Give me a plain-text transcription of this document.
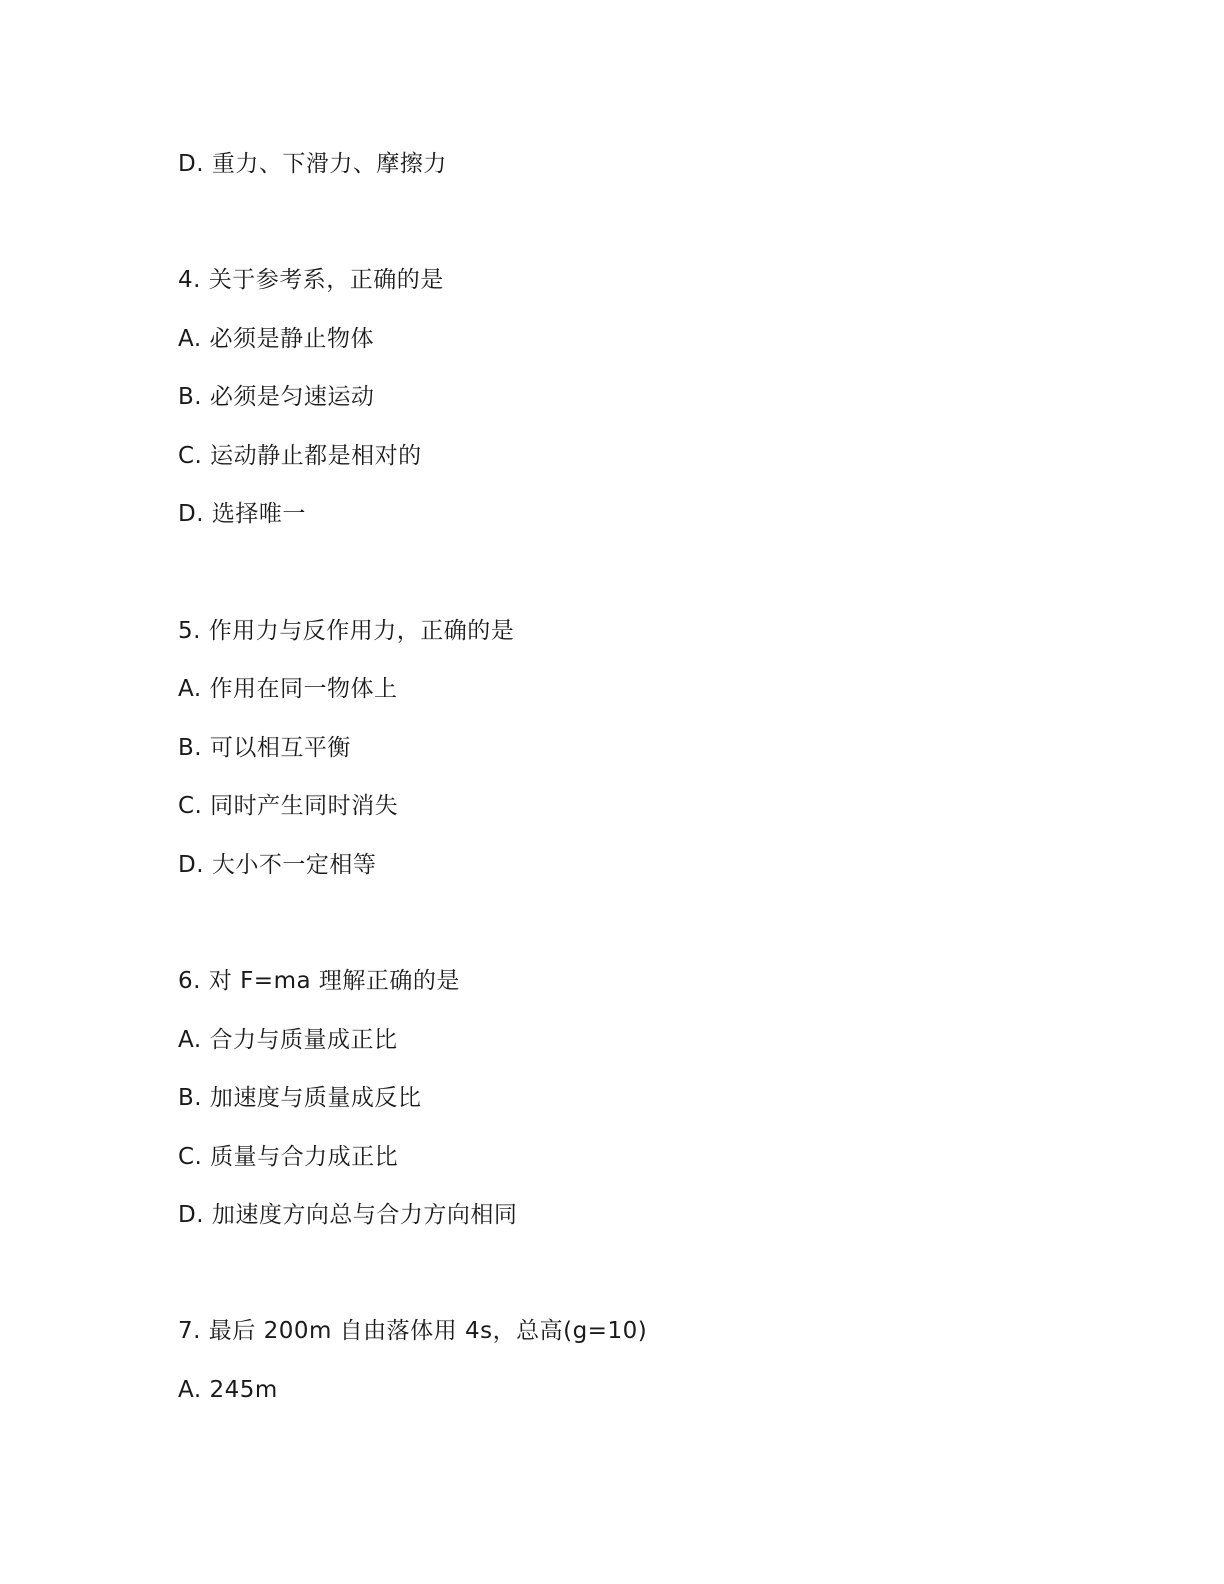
D. 重力、下滑力、摩擦力
4. 关于参考系，正确的是
A. 必须是静止物体
B. 必须是匀速运动
C. 运动静止都是相对的
D. 选择唯一
5. 作用力与反作用力，正确的是
A. 作用在同一物体上
B. 可以相互平衡
C. 同时产生同时消失
D. 大小不一定相等
6. 对 F=ma 理解正确的是
A. 合力与质量成正比
B. 加速度与质量成反比
C. 质量与合力成正比
D. 加速度方向总与合力方向相同
7. 最后 200m 自由落体用 4s，总高(g=10)
A. 245m
